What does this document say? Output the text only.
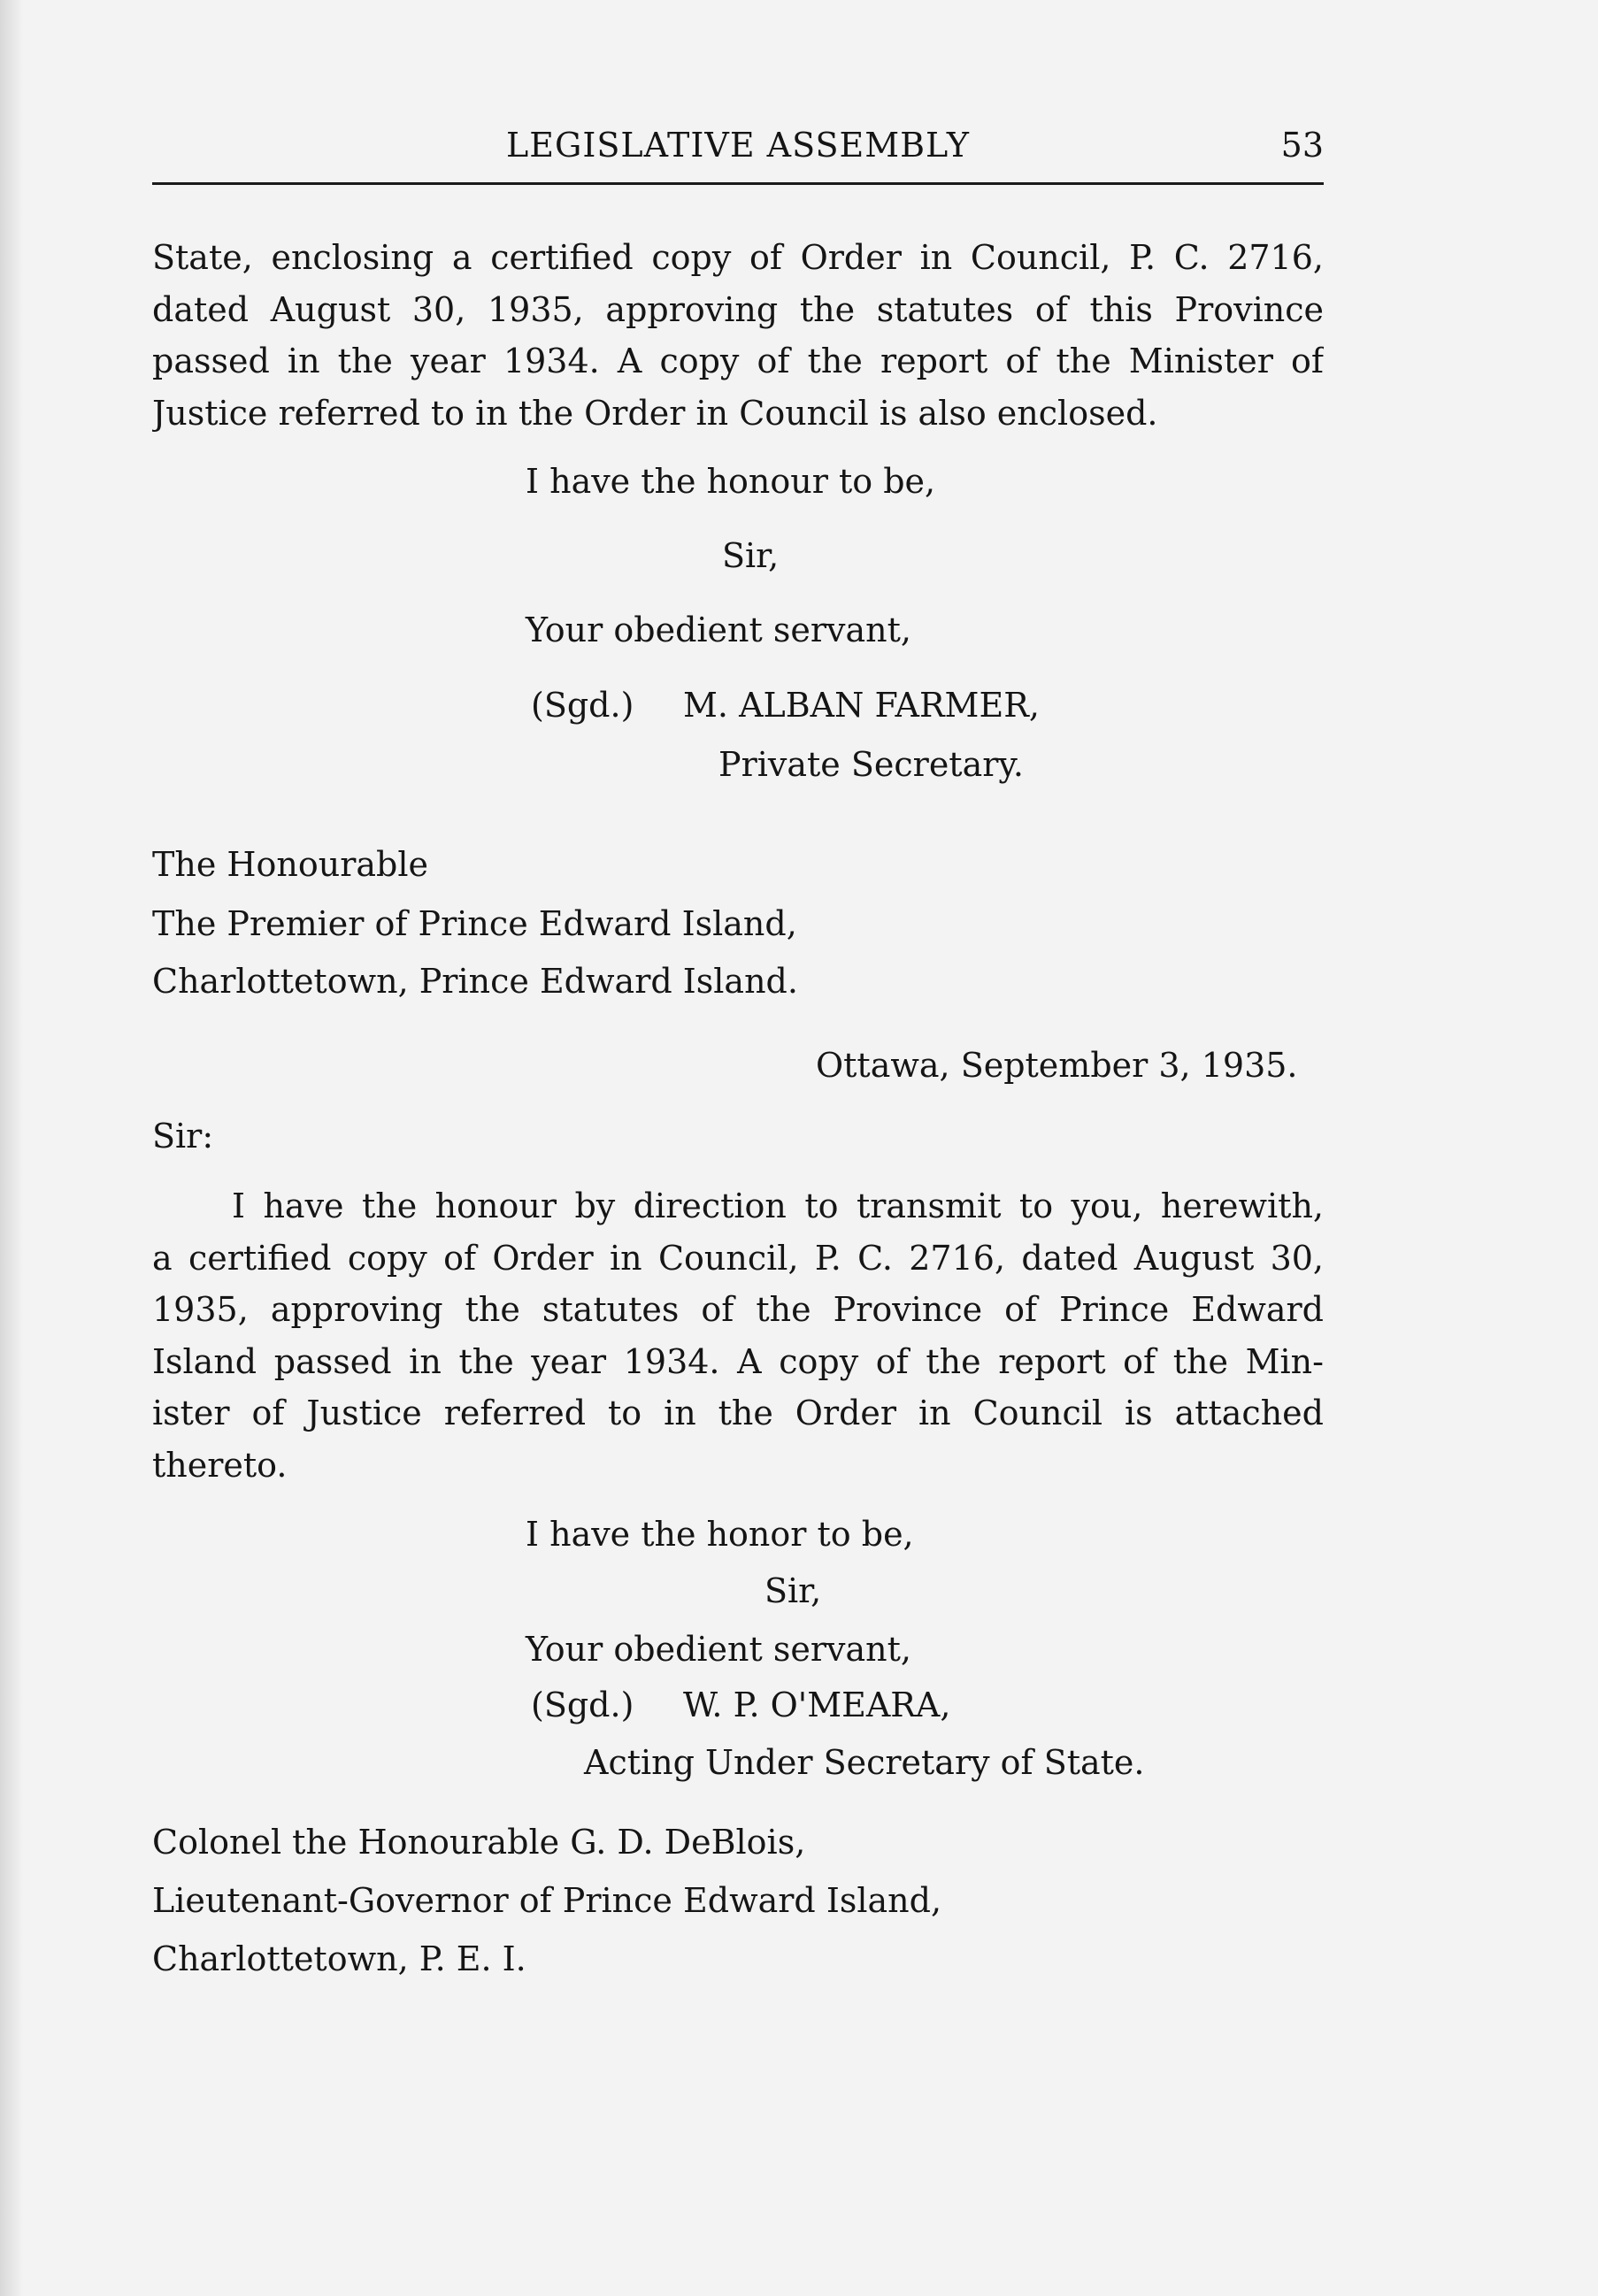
LEGISLATIVE ASSEMBLY	53
State, enclosing a certified copy of Order in Council, P. C. 2716,
dated August 30, 1935, approving the statutes of this Province
passed in the year 1934. A copy of the report of the Minister of
Justice referred to in the Order in Council is also enclosed.
I have the honour to be,
Sir,
Your obedient servant,
(Sgd.) M. ALBAN FARMER,
Private Secretary.
The Honourable
The Premier of Prince Edward Island,
Charlottetown, Prince Edward Island.
Ottawa, September 3, 1935.
Sir:
I have the honour by direction to transmit to you, herewith,
a certified copy of Order in Council, P. C. 2716, dated August 30,
1935, approving the statutes of the Province of Prince Edward
Island passed in the year 1934. A copy of the report of the Min-
ister of Justice referred to in the Order in Council is attached
thereto.
I have the honor to be,
Sir,
Your obedient servant,
(Sgd.) W. P. O'MEARA,
Acting Under Secretary of State.
Colonel the Honourable G. D. DeBlois,
Lieutenant-Governor of Prince Edward Island,
Charlottetown, P. E. I.
